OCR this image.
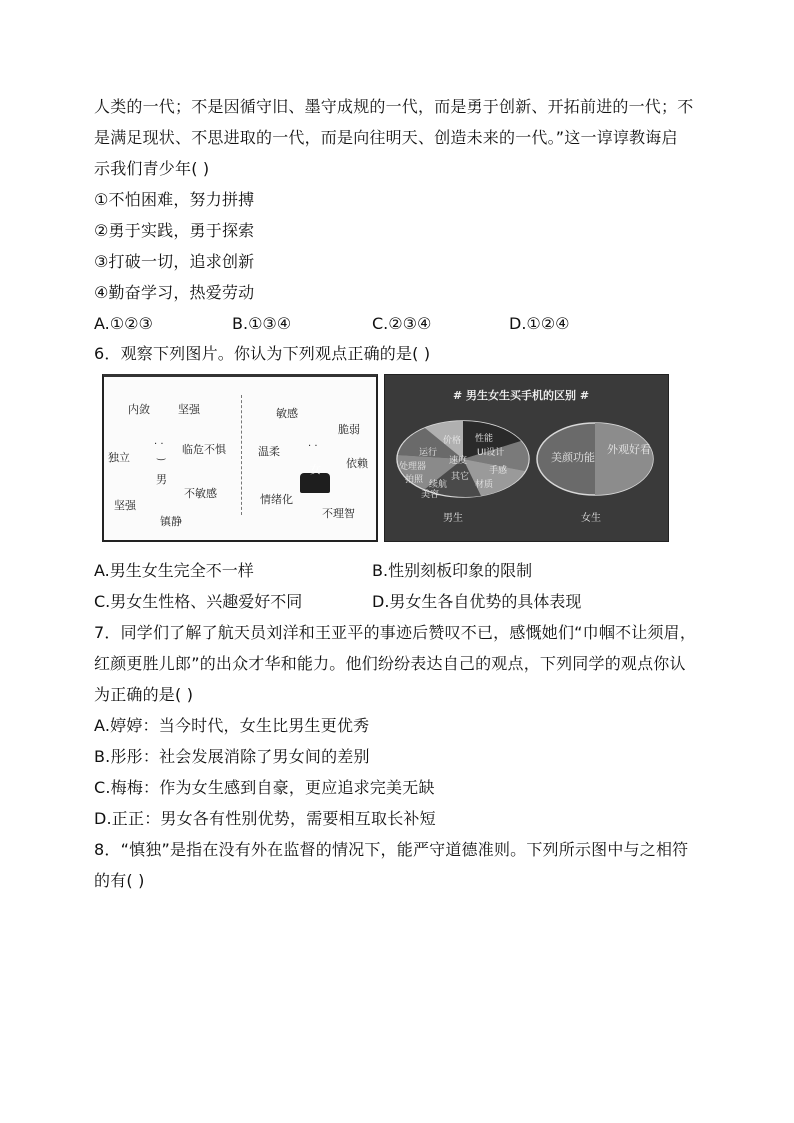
人类的一代；不是因循守旧、墨守成规的一代，而是勇于创新、开拓前进的一代；不
是满足现状、不思进取的一代，而是向往明天、创造未来的一代。”这一谆谆教诲启
示我们青少年( )
①不怕困难，努力拼搏
②勇于实践，勇于探索
③打破一切，追求创新
④勤奋学习，热爱劳动
A.①②③	B.①③④	C.②③④	D.①②④
6．观察下列图片。你认为下列观点正确的是( )
内敛	坚强
独立
· ·
‿ 临危不惧
男
不敏感
坚强
镇静
敏感
脆弱
温柔	· ·
女 依赖
情绪化
不理智
# 男生女生买手机的区别 #
价格 性能
UI设计
运行
速度
处理器	手感
拍照	其它
续航	材质
美容
男生
美颜功能
外观好看
女生
A.男生女生完全不一样	B.性别刻板印象的限制
C.男女生性格、兴趣爱好不同	D.男女生各自优势的具体表现
7．同学们了解了航天员刘洋和王亚平的事迹后赞叹不已，感慨她们“巾帼不让须眉，
红颜更胜儿郎”的出众才华和能力。他们纷纷表达自己的观点，下列同学的观点你认
为正确的是( )
A.婷婷：当今时代，女生比男生更优秀
B.彤彤：社会发展消除了男女间的差别
C.梅梅：作为女生感到自豪，更应追求完美无缺
D.正正：男女各有性别优势，需要相互取长补短
8．“慎独”是指在没有外在监督的情况下，能严守道德准则。下列所示图中与之相符
的有( )
